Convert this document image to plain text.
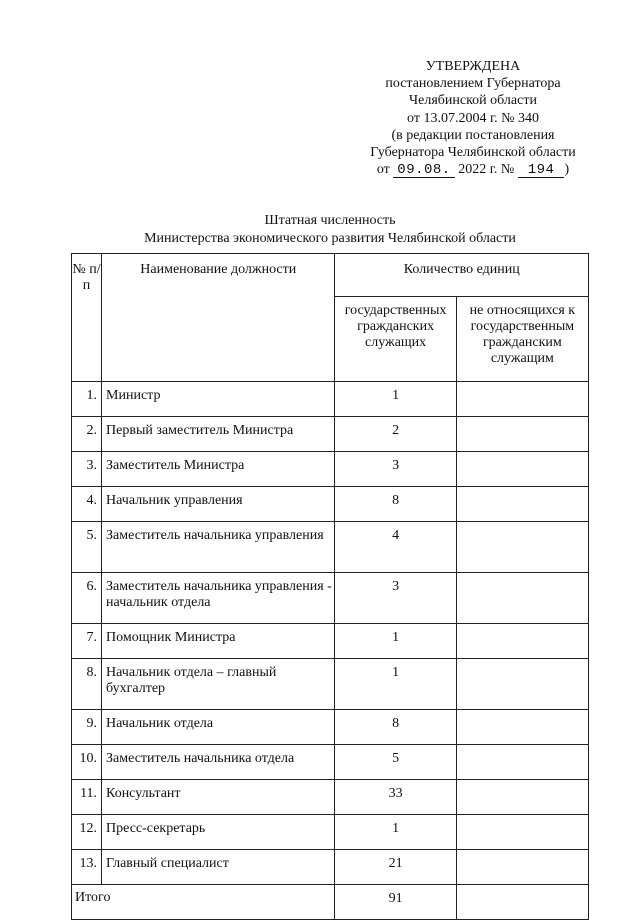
УТВЕРЖДЕНА
постановлением Губернатора
Челябинской области
от 13.07.2004 г. № 340
(в редакции постановления
Губернатора Челябинской области
от 09.08. 2022 г. № 194 )
Штатная численность
Министерства экономического развития Челябинской области
№ п/п	Наименование должности	Количество единиц	
		государственных гражданских служащих	не относящихся к государственным гражданским служащим
1.	Министр	1	
2.	Первый заместитель Министра	2	
3.	Заместитель Министра	3	
4.	Начальник управления	8	
5.	Заместитель начальника управления	4	
6.	Заместитель начальника управления - начальник отдела	3	
7.	Помощник Министра	1	
8.	Начальник отдела – главный бухгалтер	1	
9.	Начальник отдела	8	
10.	Заместитель начальника отдела	5	
11.	Консультант	33	
12.	Пресс-секретарь	1	
13.	Главный специалист	21	
Итого		91	
